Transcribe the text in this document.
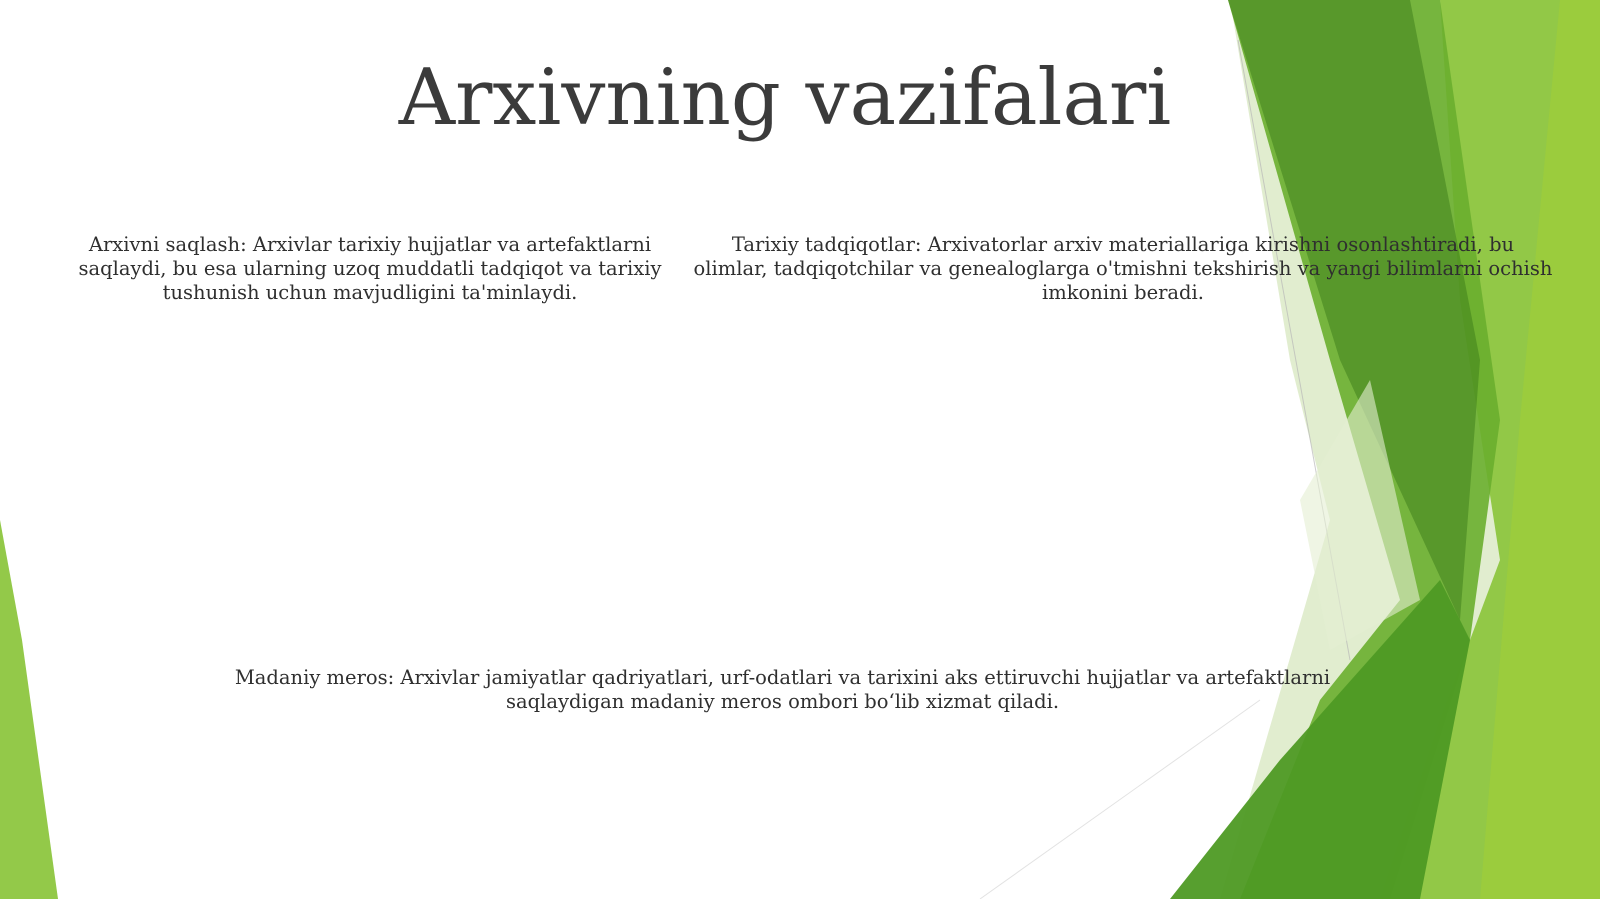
Arxivning vazifalari
Arxivni saqlash: Arxivlar tarixiy hujjatlar va artefaktlarni saqlaydi, bu esa ularning uzoq muddatli tadqiqot va tarixiy tushunish uchun mavjudligini ta'minlaydi.
Tarixiy tadqiqotlar: Arxivatorlar arxiv materiallariga kirishni osonlashtiradi, bu olimlar, tadqiqotchilar va genealoglarga o'tmishni tekshirish va yangi bilimlarni ochish imkonini beradi.
Madaniy meros: Arxivlar jamiyatlar qadriyatlari, urf-odatlari va tarixini aks ettiruvchi hujjatlar va artefaktlarni saqlaydigan madaniy meros ombori bo‘lib xizmat qiladi.
